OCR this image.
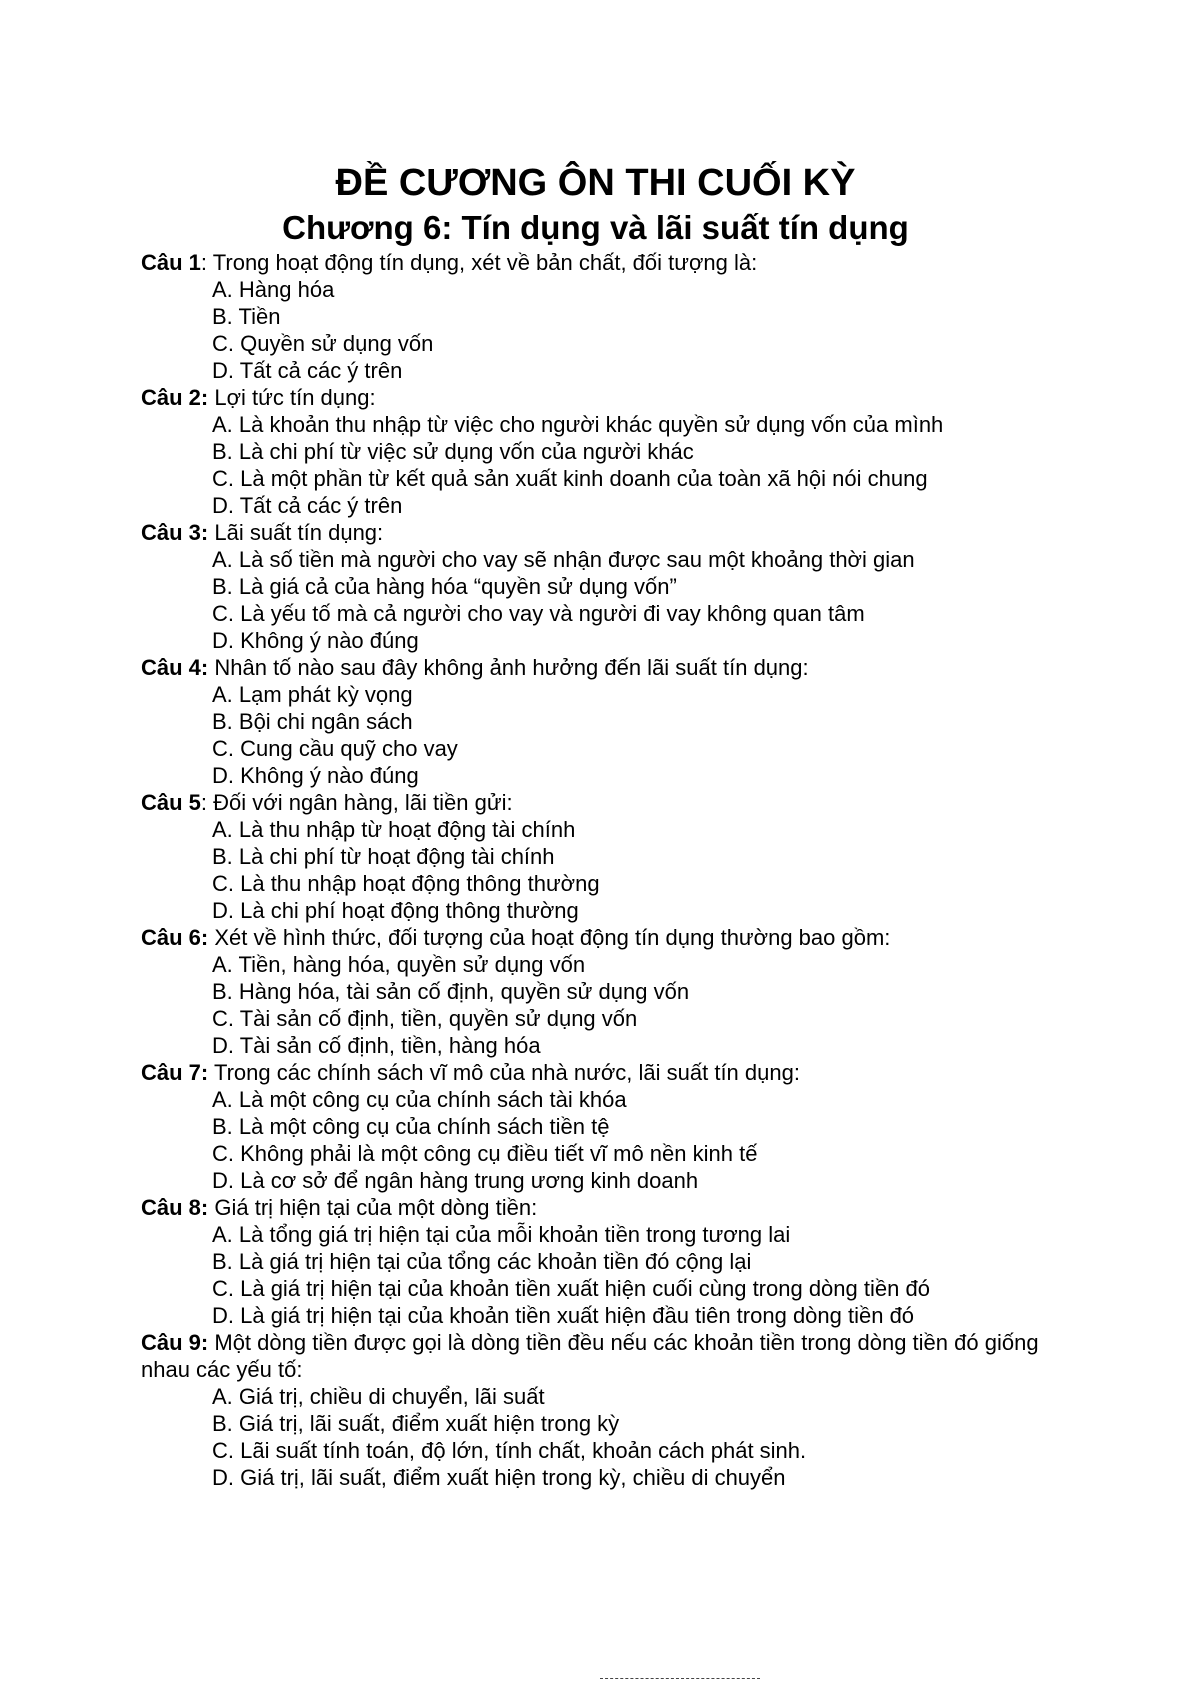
ĐỀ CƯƠNG ÔN THI CUỐI KỲ
Chương 6: Tín dụng và lãi suất tín dụng

Câu 1: Trong hoạt động tín dụng, xét về bản chất, đối tượng là:

A. Hàng hóa
B. Tiền
C. Quyền sử dụng vốn
D. Tất cả các ý trên

Câu 2: Lợi tức tín dụng:

A. Là khoản thu nhập từ việc cho người khác quyền sử dụng vốn của mình
B. Là chi phí từ việc sử dụng vốn của người khác
C. Là một phần từ kết quả sản xuất kinh doanh của toàn xã hội nói chung
D. Tất cả các ý trên

Câu 3: Lãi suất tín dụng:

A. Là số tiền mà người cho vay sẽ nhận được sau một khoảng thời gian
B. Là giá cả của hàng hóa “quyền sử dụng vốn”
C. Là yếu tố mà cả người cho vay và người đi vay không quan tâm
D. Không ý nào đúng

Câu 4: Nhân tố nào sau đây không ảnh hưởng đến lãi suất tín dụng:

A. Lạm phát kỳ vọng
B. Bội chi ngân sách
C. Cung cầu quỹ cho vay
D. Không ý nào đúng

Câu 5: Đối với ngân hàng, lãi tiền gửi:

A. Là thu nhập từ hoạt động tài chính
B. Là chi phí từ hoạt động tài chính
C. Là thu nhập hoạt động thông thường
D. Là chi phí hoạt động thông thường

Câu 6: Xét về hình thức, đối tượng của hoạt động tín dụng thường bao gồm:

A. Tiền, hàng hóa, quyền sử dụng vốn
B. Hàng hóa, tài sản cố định, quyền sử dụng vốn
C. Tài sản cố định, tiền, quyền sử dụng vốn
D. Tài sản cố định, tiền, hàng hóa

Câu 7: Trong các chính sách vĩ mô của nhà nước, lãi suất tín dụng:

A. Là một công cụ của chính sách tài khóa
B. Là một công cụ của chính sách tiền tệ
C. Không phải là một công cụ điều tiết vĩ mô nền kinh tế
D. Là cơ sở để ngân hàng trung ương kinh doanh

Câu 8: Giá trị hiện tại của một dòng tiền:

A. Là tổng giá trị hiện tại của mỗi khoản tiền trong tương lai
B. Là giá trị hiện tại của tổng các khoản tiền đó cộng lại
C. Là giá trị hiện tại của khoản tiền xuất hiện cuối cùng trong dòng tiền đó
D. Là giá trị hiện tại của khoản tiền xuất hiện đầu tiên trong dòng tiền đó

Câu 9: Một dòng tiền được gọi là dòng tiền đều nếu các khoản tiền trong dòng tiền đó giống nhau các yếu tố:

A. Giá trị, chiều di chuyển, lãi suất
B. Giá trị, lãi suất, điểm xuất hiện trong kỳ
C. Lãi suất tính toán, độ lớn, tính chất, khoản cách phát sinh.
D. Giá trị, lãi suất, điểm xuất hiện trong kỳ, chiều di chuyển
